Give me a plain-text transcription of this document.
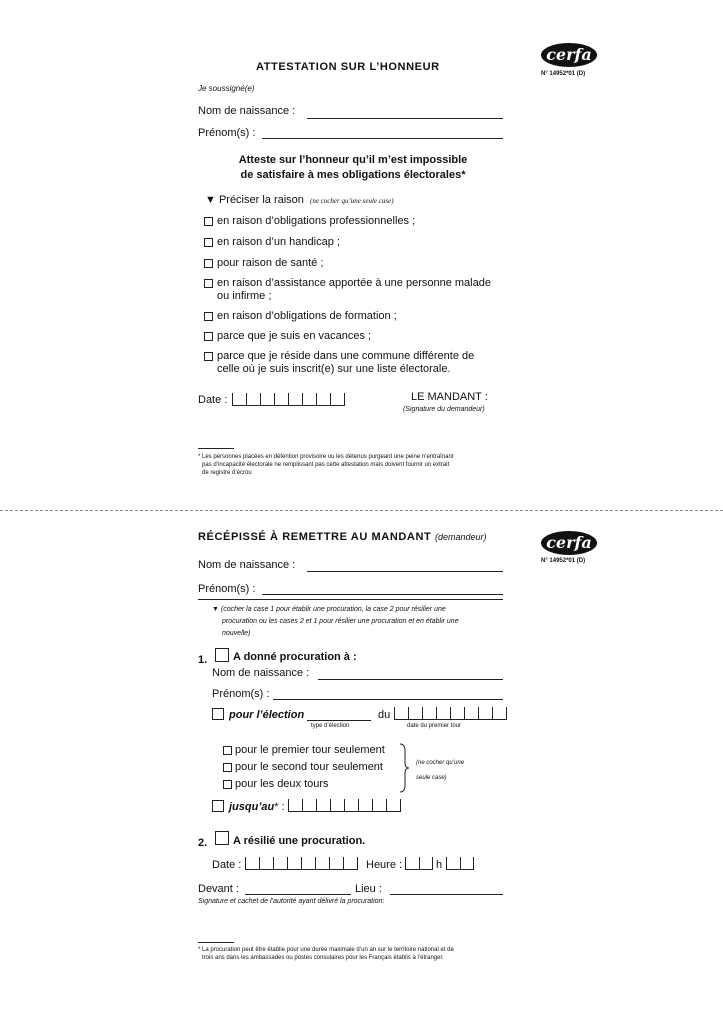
cerfa
N° 14952*01 (D)
ATTESTATION SUR L’HONNEUR
Je soussigné(e)
Nom de naissance :
Prénom(s) :
Atteste sur l’honneur qu’il m’est impossible
de satisfaire à mes obligations électorales*
▼ Préciser la raison (ne cocher qu’une seule case)
en raison d’obligations professionnelles ;
en raison d’un handicap ;
pour raison de santé ;
en raison d’assistance apportée à une personne malade
ou infirme ;
en raison d’obligations de formation ;
parce que je suis en vacances ;
parce que je réside dans une commune différente de
celle où je suis inscrit(e) sur une liste électorale.
Date :	LE MANDANT :
(Signature du demandeur)
* Les personnes placées en détention provisoire ou les détenus purgeant une peine n’entraînant
pas d’incapacité électorale ne remplissant pas cette attestation mais doivent fournir un extrait
de registre d’écrou
cerfa
N° 14952*01 (D)
RÉCÉPISSÉ À REMETTRE AU MANDANT (demandeur)
Nom de naissance :
Prénom(s) :
▼ (cocher la case 1 pour établir une procuration, la case 2 pour résilier une
procuration ou les cases 2 et 1 pour résilier une procuration et en établir une
nouvelle)
1. A donné procuration à :
Nom de naissance :
Prénom(s) :
pour l’élection	du
type d’élection	date du premier tour
pour le premier tour seulement
pour le second tour seulement
pour les deux tours
(ne cocher qu’une
seule case)
jusqu’au* :
2. A résilié une procuration.
Date :	Heure :	h
Devant :	Lieu :
Signature et cachet de l’autorité ayant délivré la procuration:
* La procuration peut être établie pour une durée maximale d’un an sur le territoire national et de
trois ans dans les ambassades ou postes consulaires pour les Français établis à l’étranger.
